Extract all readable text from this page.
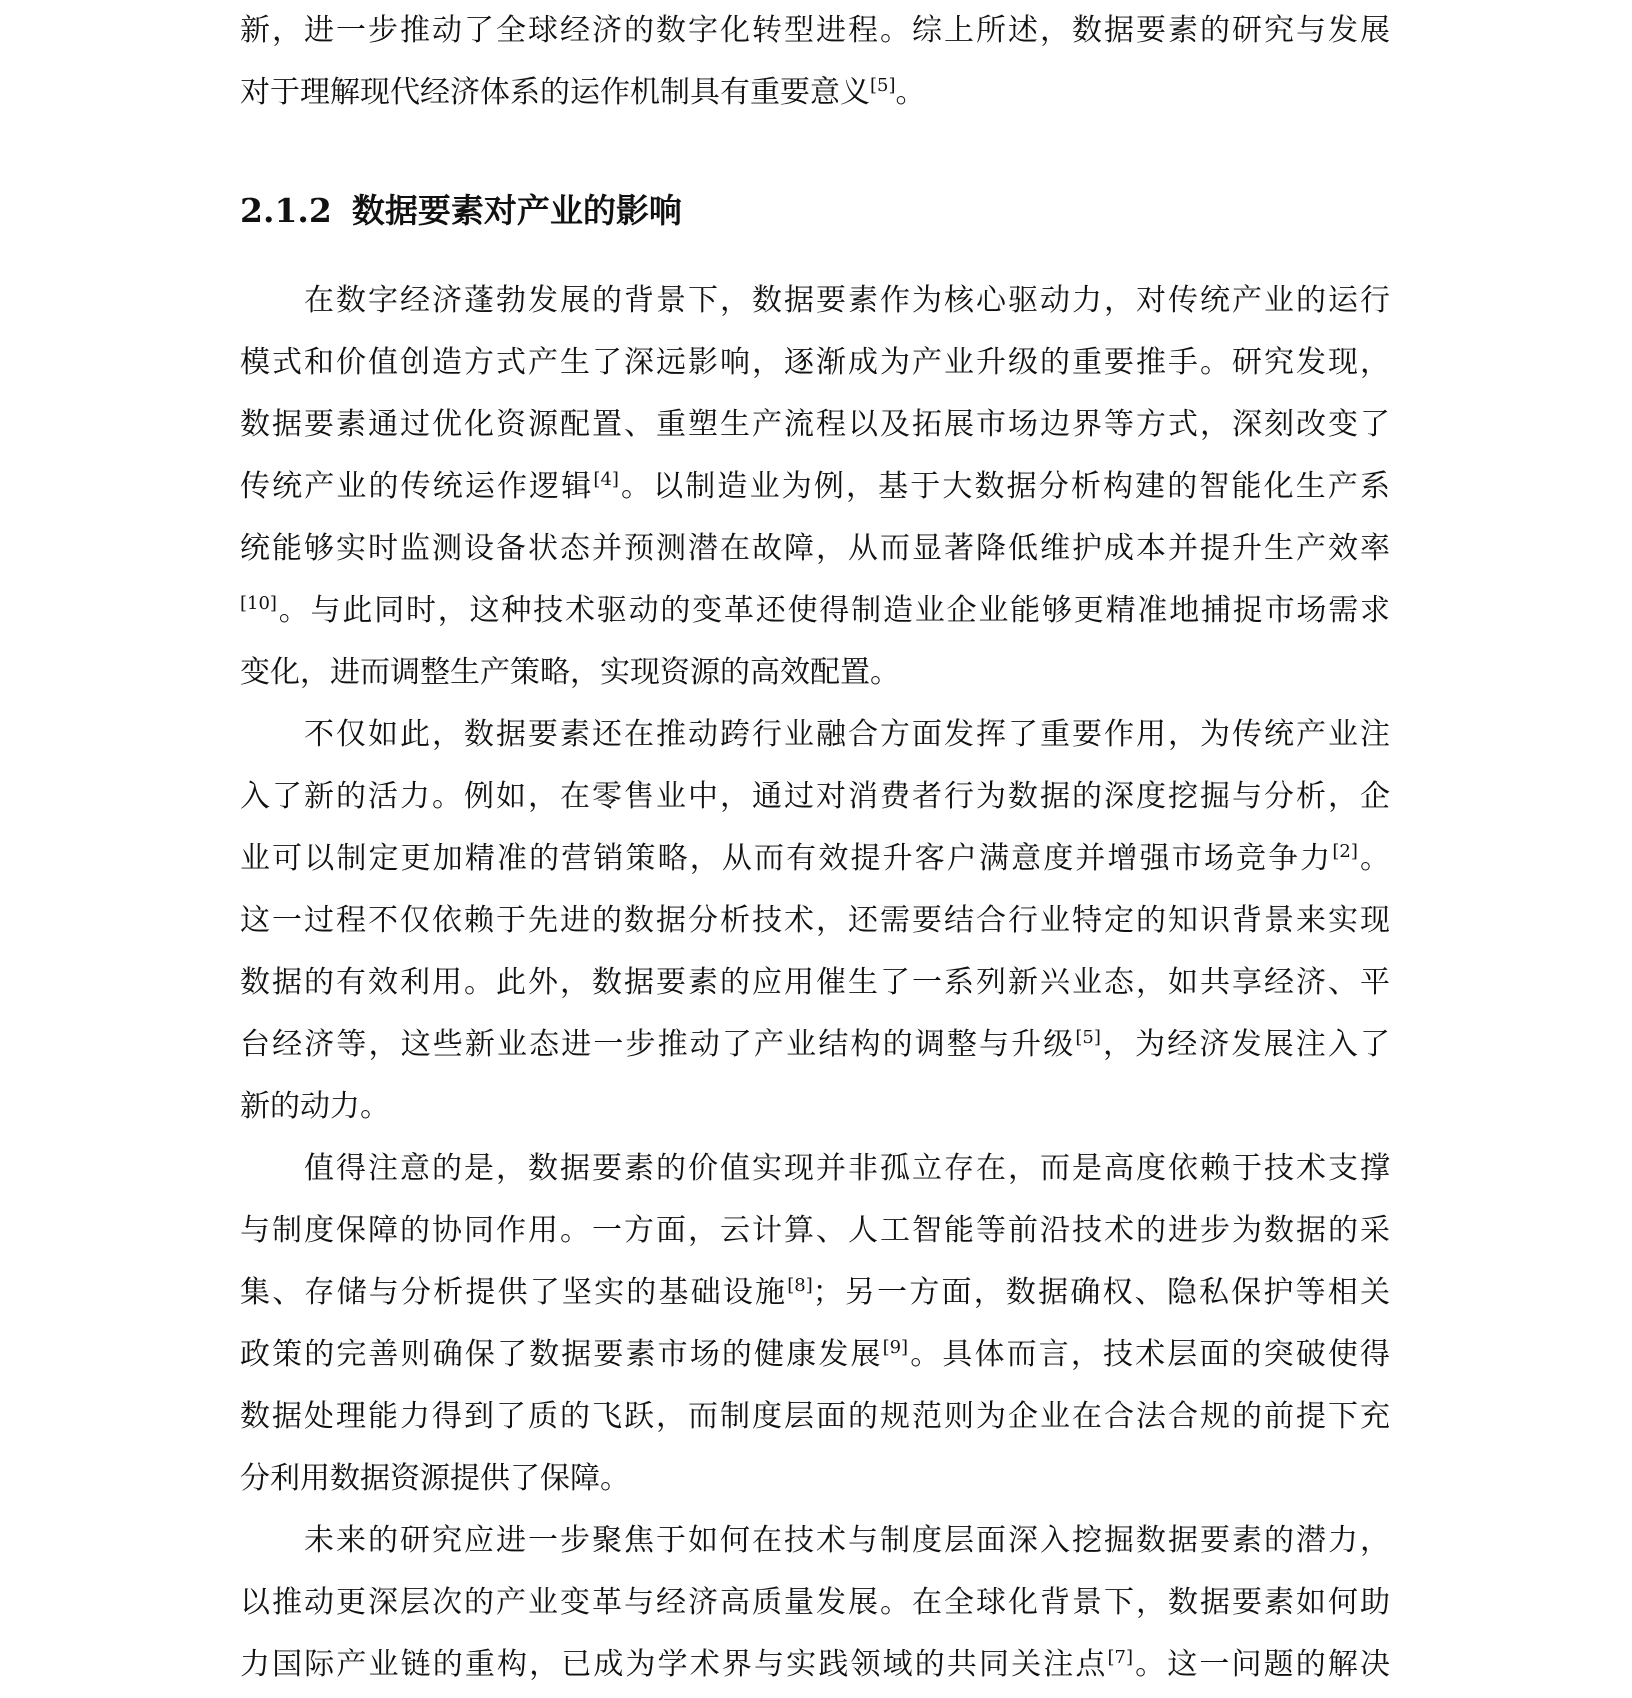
新，进一步推动了全球经济的数字化转型进程。综上所述，数据要素的研究与发展
对于理解现代经济体系的运作机制具有重要意义[5]。
2.1.2 数据要素对产业的影响
在数字经济蓬勃发展的背景下，数据要素作为核心驱动力，对传统产业的运行
模式和价值创造方式产生了深远影响，逐渐成为产业升级的重要推手。研究发现，
数据要素通过优化资源配置、重塑生产流程以及拓展市场边界等方式，深刻改变了
传统产业的传统运作逻辑[4]。以制造业为例，基于大数据分析构建的智能化生产系
统能够实时监测设备状态并预测潜在故障，从而显著降低维护成本并提升生产效率
[10]。与此同时，这种技术驱动的变革还使得制造业企业能够更精准地捕捉市场需求
变化，进而调整生产策略，实现资源的高效配置。
不仅如此，数据要素还在推动跨行业融合方面发挥了重要作用，为传统产业注
入了新的活力。例如，在零售业中，通过对消费者行为数据的深度挖掘与分析，企
业可以制定更加精准的营销策略，从而有效提升客户满意度并增强市场竞争力[2]。
这一过程不仅依赖于先进的数据分析技术，还需要结合行业特定的知识背景来实现
数据的有效利用。此外，数据要素的应用催生了一系列新兴业态，如共享经济、平
台经济等，这些新业态进一步推动了产业结构的调整与升级[5]，为经济发展注入了
新的动力。
值得注意的是，数据要素的价值实现并非孤立存在，而是高度依赖于技术支撑
与制度保障的协同作用。一方面，云计算、人工智能等前沿技术的进步为数据的采
集、存储与分析提供了坚实的基础设施[8]；另一方面，数据确权、隐私保护等相关
政策的完善则确保了数据要素市场的健康发展[9]。具体而言，技术层面的突破使得
数据处理能力得到了质的飞跃，而制度层面的规范则为企业在合法合规的前提下充
分利用数据资源提供了保障。
未来的研究应进一步聚焦于如何在技术与制度层面深入挖掘数据要素的潜力，
以推动更深层次的产业变革与经济高质量发展。在全球化背景下，数据要素如何助
力国际产业链的重构，已成为学术界与实践领域的共同关注点[7]。这一问题的解决
